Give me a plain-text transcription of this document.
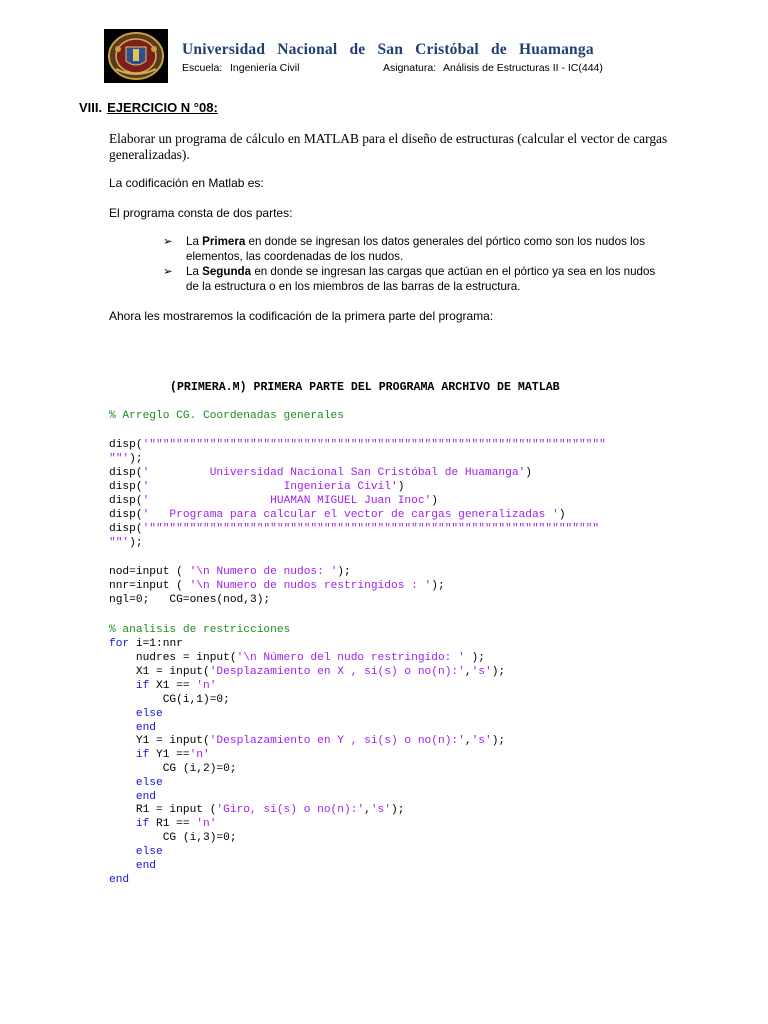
Universidad Nacional de San Cristóbal de Huamanga
Escuela: Ingeniería Civil	Asignatura: Análisis de Estructuras II - IC(444)
VIII. EJERCICIO N °08:
Elaborar un programa de cálculo en MATLAB para el diseño de estructuras (calcular el vector de cargas generalizadas).
La codificación en Matlab es:
El programa consta de dos partes:
➢ La Primera en donde se ingresan los datos generales del pórtico como son los nudos los elementos, las coordenadas de los nudos.
➢ La Segunda en donde se ingresan las cargas que actúan en el pórtico ya sea en los nudos de la estructura o en los miembros de las barras de la estructura.
Ahora les mostraremos la codificación de la primera parte del programa:
(PRIMERA.M) PRIMERA PARTE DEL PROGRAMA ARCHIVO DE MATLAB
% Arreglo CG. Coordenadas generales
disp('""""""""""""""""""""""""""""""""""""""""""""""""""""""""""""""""""""
""');
disp('         Universidad Nacional San Cristóbal de Huamanga')
disp('                    Ingenieria Civil')
disp('                  HUAMAN MIGUEL Juan Inoc')
disp('   Programa para calcular el vector de cargas generalizadas ')
disp('"""""""""""""""""""""""""""""""""""""""""""""""""""""""""""""""""""
""');
nod=input ( '\n Numero de nudos: ');
nnr=input ( '\n Numero de nudos restringidos : ');
ngl=0;   CG=ones(nod,3);
% analisis de restricciones
for i=1:nnr
nudres = input('\n Número del nudo restringido: ' );
X1 = input('Desplazamiento en X , si(s) o no(n):','s');
if X1 == 'n'
CG(i,1)=0;
else
end
Y1 = input('Desplazamiento en Y , si(s) o no(n):','s');
if Y1 =='n'
CG (i,2)=0;
else
end
R1 = input ('Giro, si(s) o no(n):','s');
if R1 == 'n'
CG (i,3)=0;
else
end
end
